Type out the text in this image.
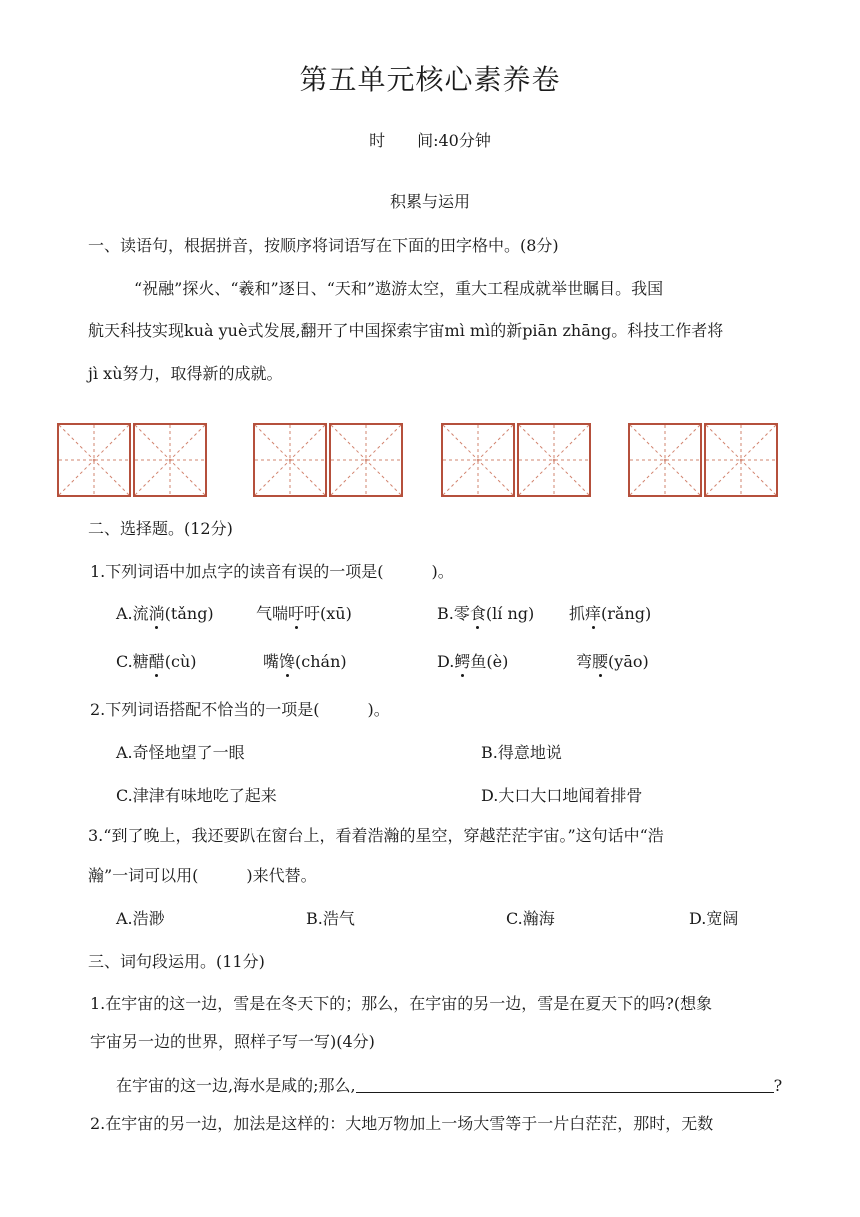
第五单元核心素养卷
时　　间:40分钟
积累与运用
一、读语句，根据拼音，按顺序将词语写在下面的田字格中。(8分)
“祝融”探火、“羲和”逐日、“天和”遨游太空，重大工程成就举世瞩目。我国
航天科技实现kuà yuè式发展,翻开了中国探索宇宙mì mì的新piān zhāng。科技工作者将
jì xù努力，取得新的成就。
二、选择题。(12分)
1.下列词语中加点字的读音有误的一项是(　　　)。
A.流淌(tǎng)	气喘吁吁(xū)	B.零食(lí ng) 抓痒(rǎng)
C.糖醋(cù)	嘴馋(chán)	D.鳄鱼(è)	弯腰(yāo)
2.下列词语搭配不恰当的一项是(　　　)。
A.奇怪地望了一眼	B.得意地说
C.津津有味地吃了起来	D.大口大口地闻着排骨
3.“到了晚上，我还要趴在窗台上，看着浩瀚的星空，穿越茫茫宇宙。”这句话中“浩
瀚”一词可以用(　　　)来代替。
A.浩渺	B.浩气	C.瀚海	D.宽阔
三、词句段运用。(11分)
1.在宇宙的这一边，雪是在冬天下的；那么，在宇宙的另一边，雪是在夏天下的吗?(想象
宇宙另一边的世界，照样子写一写)(4分)
在宇宙的这一边,海水是咸的;那么,	?
2.在宇宙的另一边，加法是这样的：大地万物加上一场大雪等于一片白茫茫，那时，无数
